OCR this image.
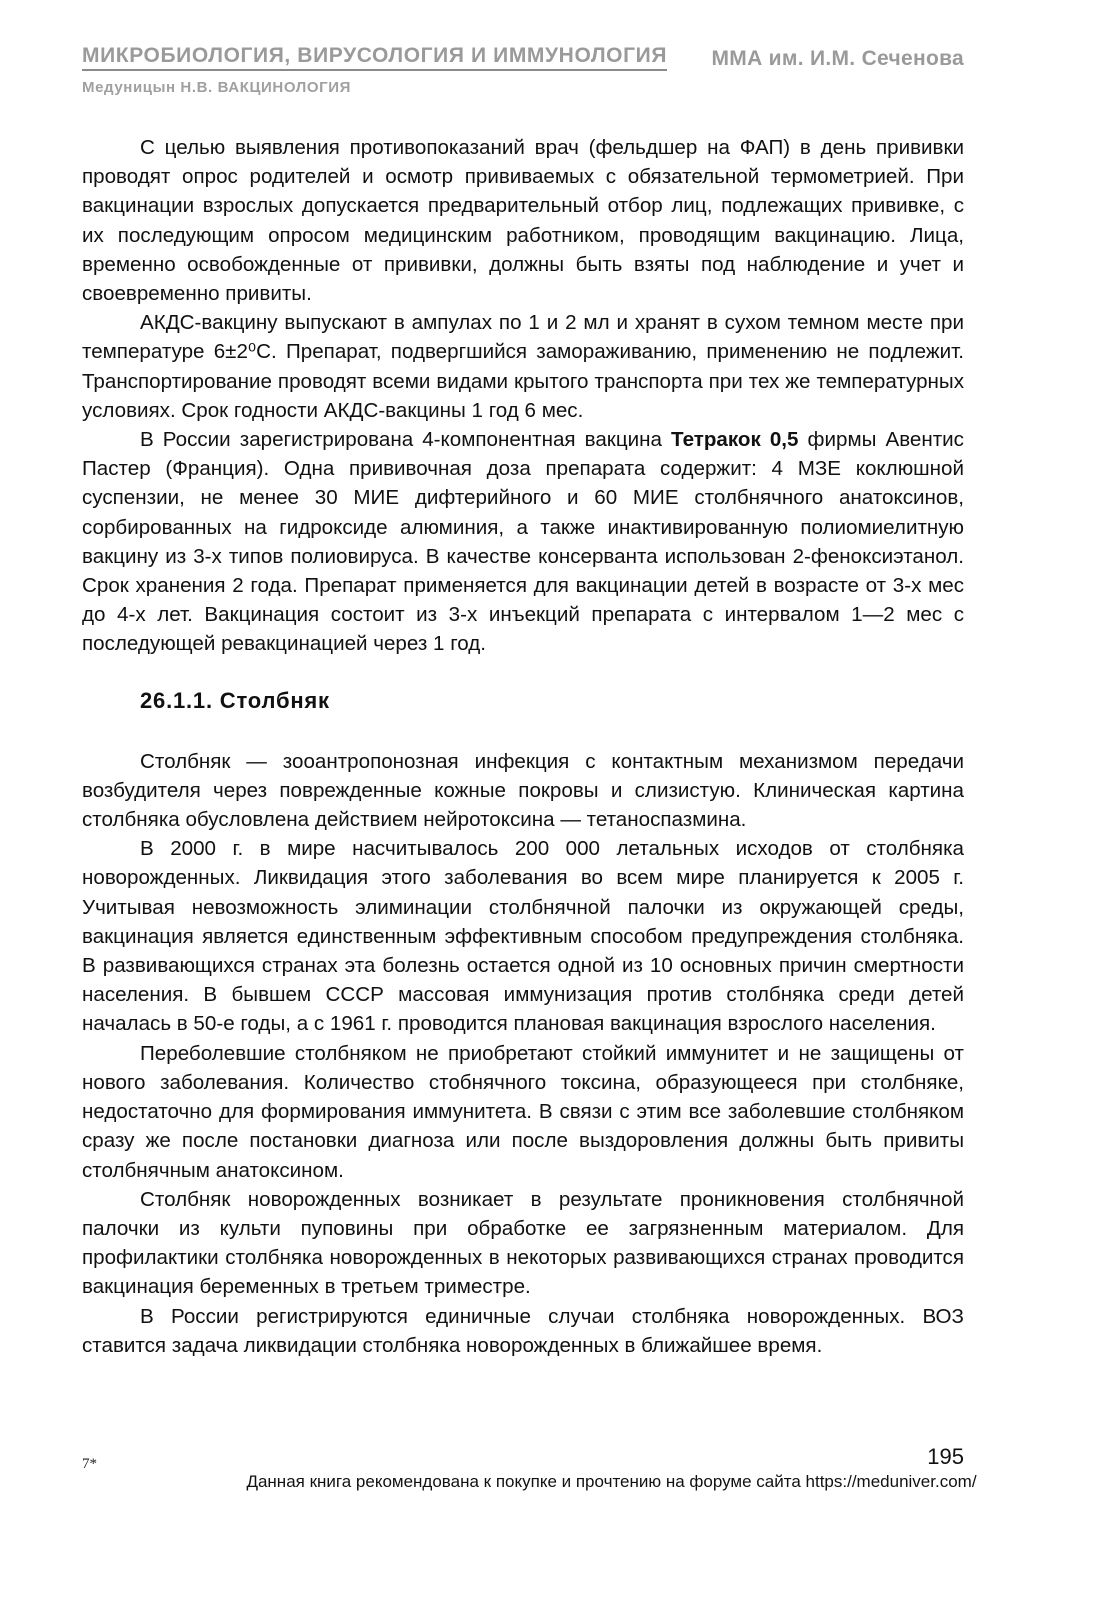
МИКРОБИОЛОГИЯ, ВИРУСОЛОГИЯ И ИММУНОЛОГИЯ ММА им. И.М. Сеченова
Медуницын Н.В. ВАКЦИНОЛОГИЯ

С целью выявления противопоказаний врач (фельдшер на ФАП) в день прививки проводят опрос родителей и осмотр прививаемых с обязательной термометрией. При вакцинации взрослых допускается предварительный отбор лиц, подлежащих прививке, с их последующим опросом медицинским работником, проводящим вакцинацию. Лица, временно освобожденные от прививки, должны быть взяты под наблюдение и учет и своевременно привиты.

АКДС-вакцину выпускают в ампулах по 1 и 2 мл и хранят в сухом темном месте при температуре 6±2⁰С. Препарат, подвергшийся замораживанию, применению не подлежит. Транспортирование проводят всеми видами крытого транспорта при тех же температурных условиях. Срок годности АКДС-вакцины 1 год 6 мес.

В России зарегистрирована 4-компонентная вакцина Тетракок 0,5 фирмы Авентис Пастер (Франция). Одна прививочная доза препарата содержит: 4 МЗЕ коклюшной суспензии, не менее 30 МИЕ дифтерийного и 60 МИЕ столбнячного анатоксинов, сорбированных на гидроксиде алюминия, а также инактивированную полиомиелитную вакцину из 3-х типов полиовируса. В качестве консерванта использован 2-феноксиэтанол. Срок хранения 2 года. Препарат применяется для вакцинации детей в возрасте от 3-х мес до 4-х лет. Вакцинация состоит из 3-х инъекций препарата с интервалом 1—2 мес с последующей ревакцинацией через 1 год.

26.1.1. Столбняк

Столбняк — зооантропонозная инфекция с контактным механизмом передачи возбудителя через поврежденные кожные покровы и слизистую. Клиническая картина столбняка обусловлена действием нейротоксина — тетаноспазмина.

В 2000 г. в мире насчитывалось 200 000 летальных исходов от столбняка новорожденных. Ликвидация этого заболевания во всем мире планируется к 2005 г. Учитывая невозможность элиминации столбнячной палочки из окружающей среды, вакцинация является единственным эффективным способом предупреждения столбняка. В развивающихся странах эта болезнь остается одной из 10 основных причин смертности населения. В бывшем СССР массовая иммунизация против столбняка среди детей началась в 50-е годы, а с 1961 г. проводится плановая вакцинация взрослого населения.

Переболевшие столбняком не приобретают стойкий иммунитет и не защищены от нового заболевания. Количество стобнячного токсина, образующееся при столбняке, недостаточно для формирования иммунитета. В связи с этим все заболевшие столбняком сразу же после постановки диагноза или после выздоровления должны быть привиты столбнячным анатоксином.

Столбняк новорожденных возникает в результате проникновения столбнячной палочки из культи пуповины при обработке ее загрязненным материалом. Для профилактики столбняка новорожденных в некоторых развивающихся странах проводится вакцинация беременных в третьем триместре.

В России регистрируются единичные случаи столбняка новорожденных. ВОЗ ставится задача ликвидации столбняка новорожденных в ближайшее время.

7*	195
Данная книга рекомендована к покупке и прочтению на форуме сайта https://meduniver.com/
